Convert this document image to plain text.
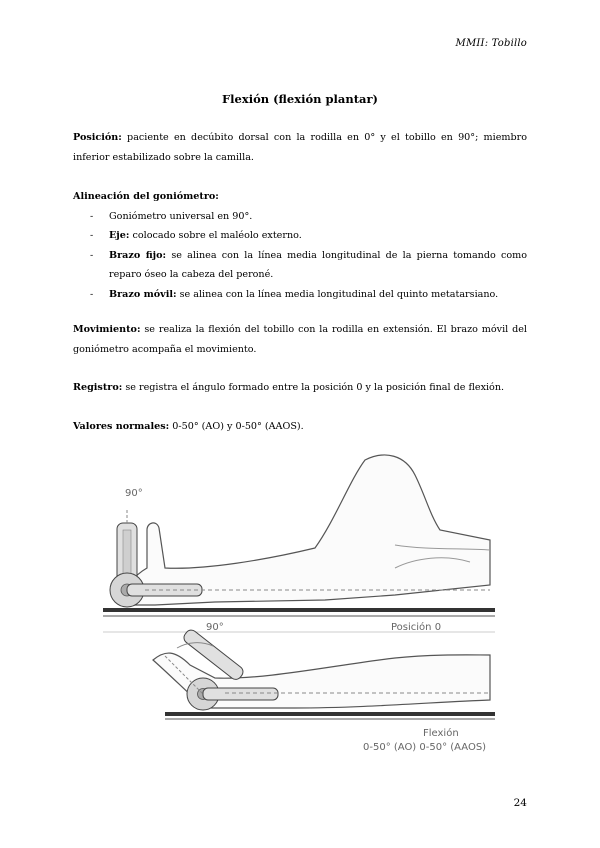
MMII: Tobillo
Flexión (flexión plantar)
Posición: paciente en decúbito dorsal con la rodilla en 0° y el tobillo en 90°; miembro inferior estabilizado sobre la camilla.
Alineación del goniómetro:
- Goniómetro universal en 90°.
- Eje: colocado sobre el maléolo externo.
- Brazo fijo: se alinea con la línea media longitudinal de la pierna tomando como reparo óseo la cabeza del peroné.
- Brazo móvil: se alinea con la línea media longitudinal del quinto metatarsiano.
Movimiento: se realiza la flexión del tobillo con la rodilla en extensión. El brazo móvil del goniómetro acompaña el movimiento.
Registro: se registra el ángulo formado entre la posición 0 y la posición final de flexión.
Valores normales: 0-50° (AO) y 0-50° (AAOS).
90°
Posición 0
90°
Flexión
0-50° (AO) 0-50° (AAOS)
24
